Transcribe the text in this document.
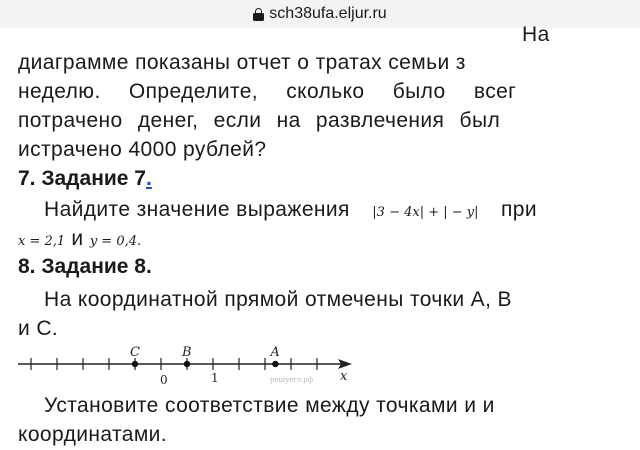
sch38ufa.eljur.ru
На
диаграмме показаны отчет о тратах семьи з
неделю. Определите, сколько было всег
потрачено денег, если на развлечения был
истрачено 4000 рублей?
7. Задание 7.
Найдите значение выражения |3 − 4x| + | − y| при
x = 2,1 и y = 0,4.
8. Задание 8.
На координатной прямой отмечены точки А, В
и С.
C	B	A
0	1	x
решуегэ.рф
Установите соответствие между точками и и
координатами.
